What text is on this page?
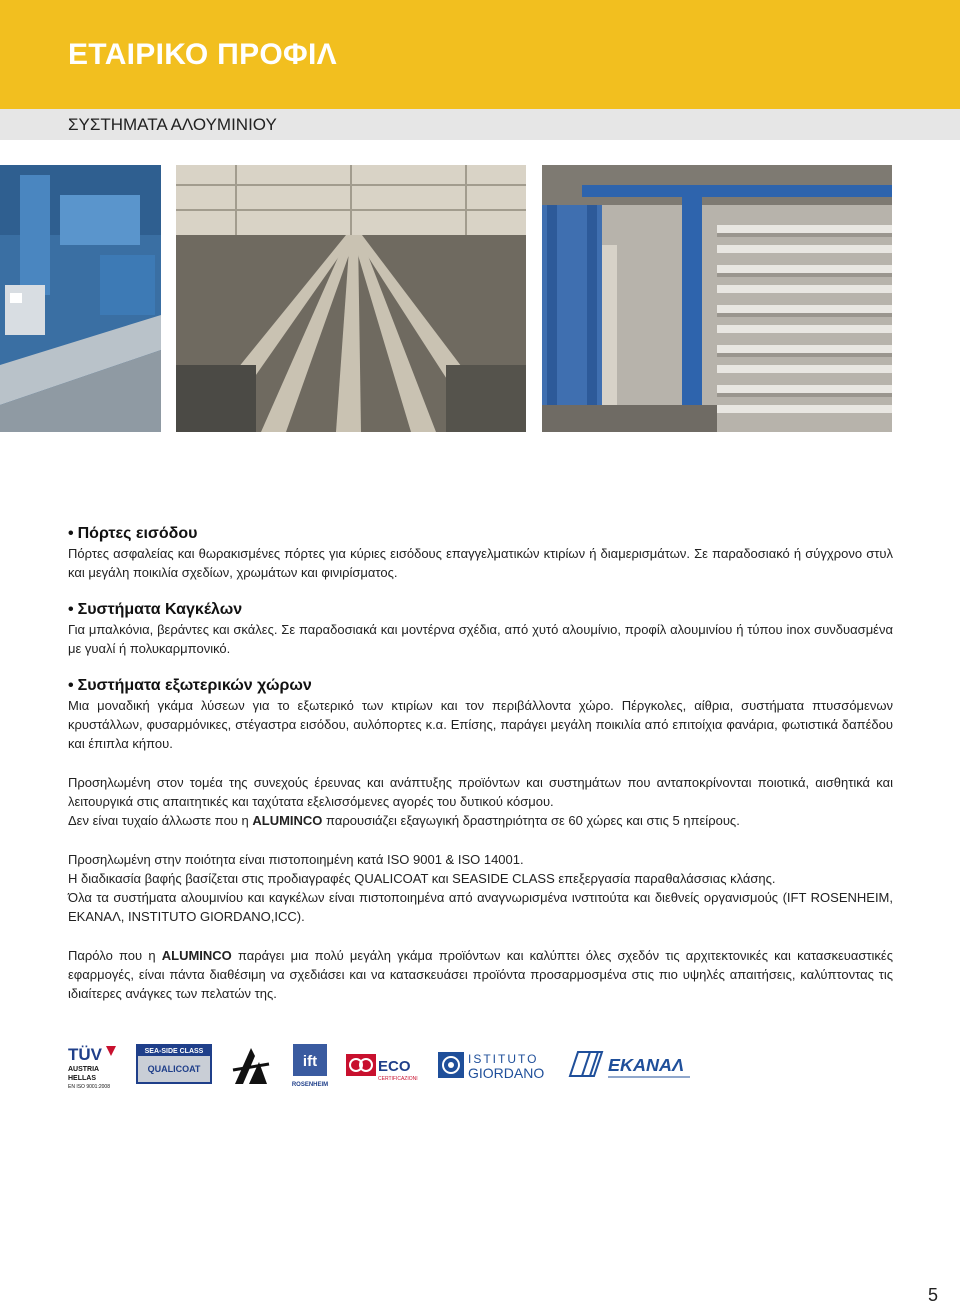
ΕΤΑΙΡΙΚΟ ΠΡΟΦΙΛ
ΣΥΣΤΗΜΑΤΑ ΑΛΟΥΜΙΝΙΟΥ
• Πόρτες εισόδου

Πόρτες ασφαλείας και θωρακισμένες πόρτες για κύριες εισόδους επαγγελματικών κτιρίων ή διαμερισμάτων. Σε παραδοσιακό ή σύγχρονο στυλ και μεγάλη ποικιλία σχεδίων, χρωμάτων και φινιρίσματος.

• Συστήματα Καγκέλων

Για μπαλκόνια, βεράντες και σκάλες. Σε παραδοσιακά και μοντέρνα σχέδια, από χυτό αλουμίνιο, προφίλ αλουμινίου ή τύπου inox συνδυασμένα με γυαλί ή πολυκαρμπονικό.

• Συστήματα εξωτερικών χώρων

Μια μοναδική γκάμα λύσεων για το εξωτερικό των κτιρίων και τον περιβάλλοντα χώρο. Πέργκολες, αίθρια, συστήματα πτυσσόμενων κρυστάλλων, φυσαρμόνικες, στέγαστρα εισόδου, αυλόπορτες κ.α. Επίσης, παράγει μεγάλη ποικιλία από επιτοίχια φανάρια, φωτιστικά δαπέδου και έπιπλα κήπου.

Προσηλωμένη στον τομέα της συνεχούς έρευνας και ανάπτυξης προϊόντων και συστημάτων που ανταποκρίνονται ποιοτικά, αισθητικά και λειτουργικά στις απαιτητικές και ταχύτατα εξελισσόμενες αγορές του δυτικού κόσμου.

Δεν είναι τυχαίο άλλωστε που η ALUMINCO παρουσιάζει εξαγωγική δραστηριότητα σε 60 χώρες και στις 5 ηπείρους.

Προσηλωμένη στην ποιότητα είναι πιστοποιημένη κατά ISO 9001 & ISO 14001.

Η διαδικασία βαφής βασίζεται στις προδιαγραφές QUALICOAT και SEASIDE CLASS επεξεργασία παραθαλάσσιας κλάσης.

Όλα τα συστήματα αλουμινίου και καγκέλων είναι πιστοποιημένα από αναγνωρισμένα ινστιτούτα και διεθνείς οργανισμούς (IFT ROSENHEIM, ΕΚΑΝΑΛ, INSTITUTO GIORDANO,ICC).

Παρόλο που η ALUMINCO παράγει μια πολύ μεγάλη γκάμα προϊόντων και καλύπτει όλες σχεδόν τις αρχιτεκτονικές και κατασκευαστικές εφαρμογές, είναι πάντα διαθέσιμη να σχεδιάσει και να κατασκευάσει προϊόντα προσαρμοσμένα στις πιο υψηλές απαιτήσεις, καλύπτοντας τις ιδιαίτερες ανάγκες των πελατών της.

TÜV
AUSTRIA
HELLAS
EN ISO 9001:2008
SEA-SIDE CLASS
QUALICOAT	ift
ROSENHEIM
ECO
CERTIFICAZIONI
ISTITUTO
GIORDANO	ΕΚΑΝΑΛ
5
